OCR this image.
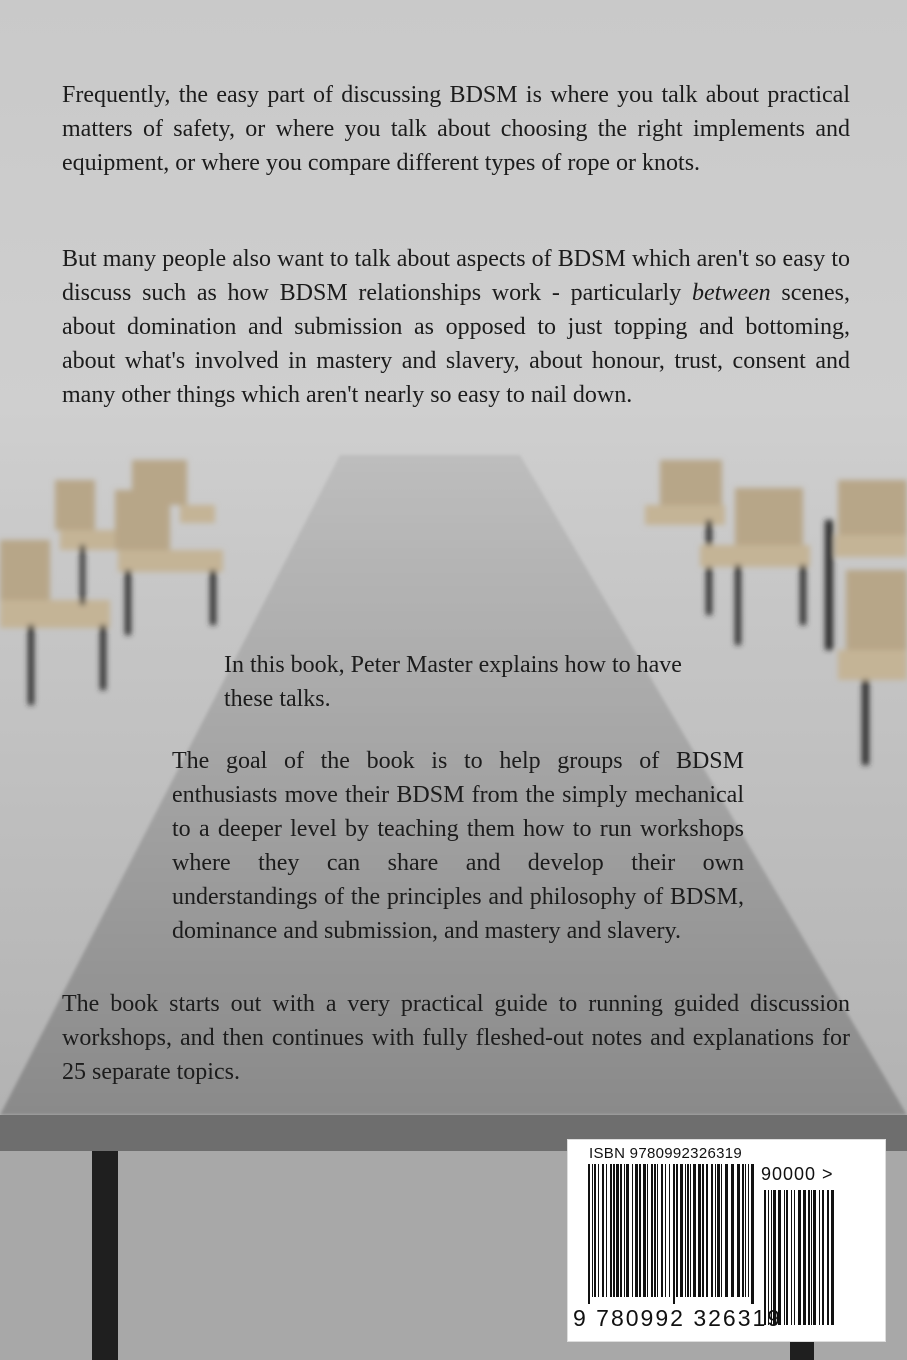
Frequently, the easy part of discussing BDSM is where you talk about practical matters of safety, or where you talk about choosing the right implements and equipment, or where you compare different types of rope or knots.

But many people also want to talk about aspects of BDSM which aren't so easy to discuss such as how BDSM relationships work - particularly between scenes, about domination and submission as opposed to just topping and bottoming, about what's involved in mastery and slavery, about honour, trust, consent and many other things which aren't nearly so easy to nail down.

In this book, Peter Master explains how to have these talks.

The goal of the book is to help groups of BDSM enthusiasts move their BDSM from the simply mechanical to a deeper level by teaching them how to run workshops where they can share and develop their own understandings of the principles and philosophy of BDSM, dominance and submission, and mastery and slavery.

The book starts out with a very practical guide to running guided discussion workshops, and then continues with fully fleshed-out notes and explanations for 25 separate topics.

ISBN 9780992326319
90000 >
9 780992 326319
